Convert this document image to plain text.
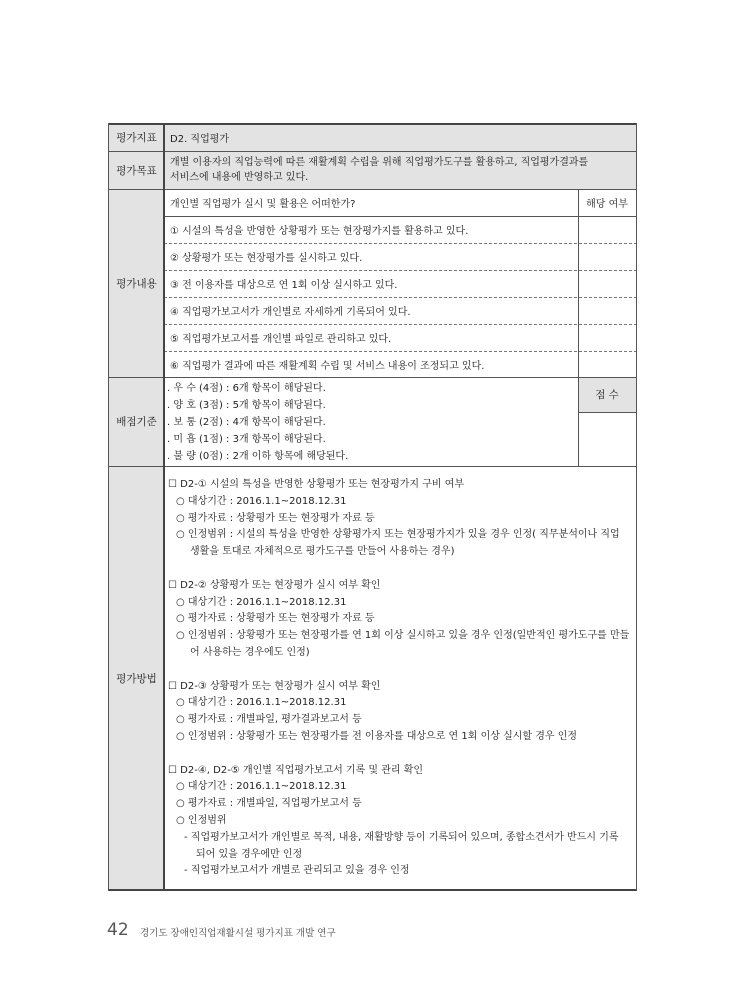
평가지표
평가목표
평가내용
배점기준
평가방법
D2. 직업평가
개별 이용자의 직업능력에 따른 재활계획 수립을 위해 직업평가도구를 활용하고, 직업평가결과를
서비스에 내용에 반영하고 있다.
개인별 직업평가 실시 및 활용은 어떠한가?	해당 여부
① 시설의 특성을 반영한 상황평가 또는 현장평가지를 활용하고 있다.
② 상황평가 또는 현장평가를 실시하고 있다.
③ 전 이용자를 대상으로 연 1회 이상 실시하고 있다.
④ 직업평가보고서가 개인별로 자세하게 기록되어 있다.
⑤ 직업평가보고서를 개인별 파일로 관리하고 있다.
⑥ 직업평가 결과에 따른 재활계획 수립 및 서비스 내용이 조정되고 있다.
. 우 수 (4점) : 6개 항목이 해당된다.
. 양 호 (3점) : 5개 항목이 해당된다.
. 보 통 (2점) : 4개 항목이 해당된다.
. 미 흡 (1점) : 3개 항목이 해당된다.
. 불 량 (0점) : 2개 이하 항목에 해당된다.
점 수
☐ D2-① 시설의 특성을 반영한 상황평가 또는 현장평가지 구비 여부
○ 대상기간 : 2016.1.1~2018.12.31
○ 평가자료 : 상황평가 또는 현장평가 자료 등
○ 인정범위 : 시설의 특성을 반영한 상황평가지 또는 현장평가지가 있을 경우 인정( 직무분석이나 직업
생활을 토대로 자체적으로 평가도구를 만들어 사용하는 경우)
☐ D2-② 상황평가 또는 현장평가 실시 여부 확인
○ 대상기간 : 2016.1.1~2018.12.31
○ 평가자료 : 상황평가 또는 현장평가 자료 등
○ 인정범위 : 상황평가 또는 현장평가를 연 1회 이상 실시하고 있을 경우 인정(일반적인 평가도구를 만들
어 사용하는 경우에도 인정)
☐ D2-③ 상황평가 또는 현장평가 실시 여부 확인
○ 대상기간 : 2016.1.1~2018.12.31
○ 평가자료 : 개별파일, 평가결과보고서 등
○ 인정범위 : 상황평가 또는 현장평가를 전 이용자를 대상으로 연 1회 이상 실시할 경우 인정
☐ D2-④, D2-⑤ 개인별 직업평가보고서 기록 및 관리 확인
○ 대상기간 : 2016.1.1~2018.12.31
○ 평가자료 : 개별파일, 직업평가보고서 등
○ 인정범위
- 직업평가보고서가 개인별로 목적, 내용, 재활방향 등이 기록되어 있으며, 종합소견서가 반드시 기록
되어 있을 경우에만 인정
- 직업평가보고서가 개별로 관리되고 있을 경우 인정
42 경기도 장애인직업재활시설 평가지표 개발 연구
